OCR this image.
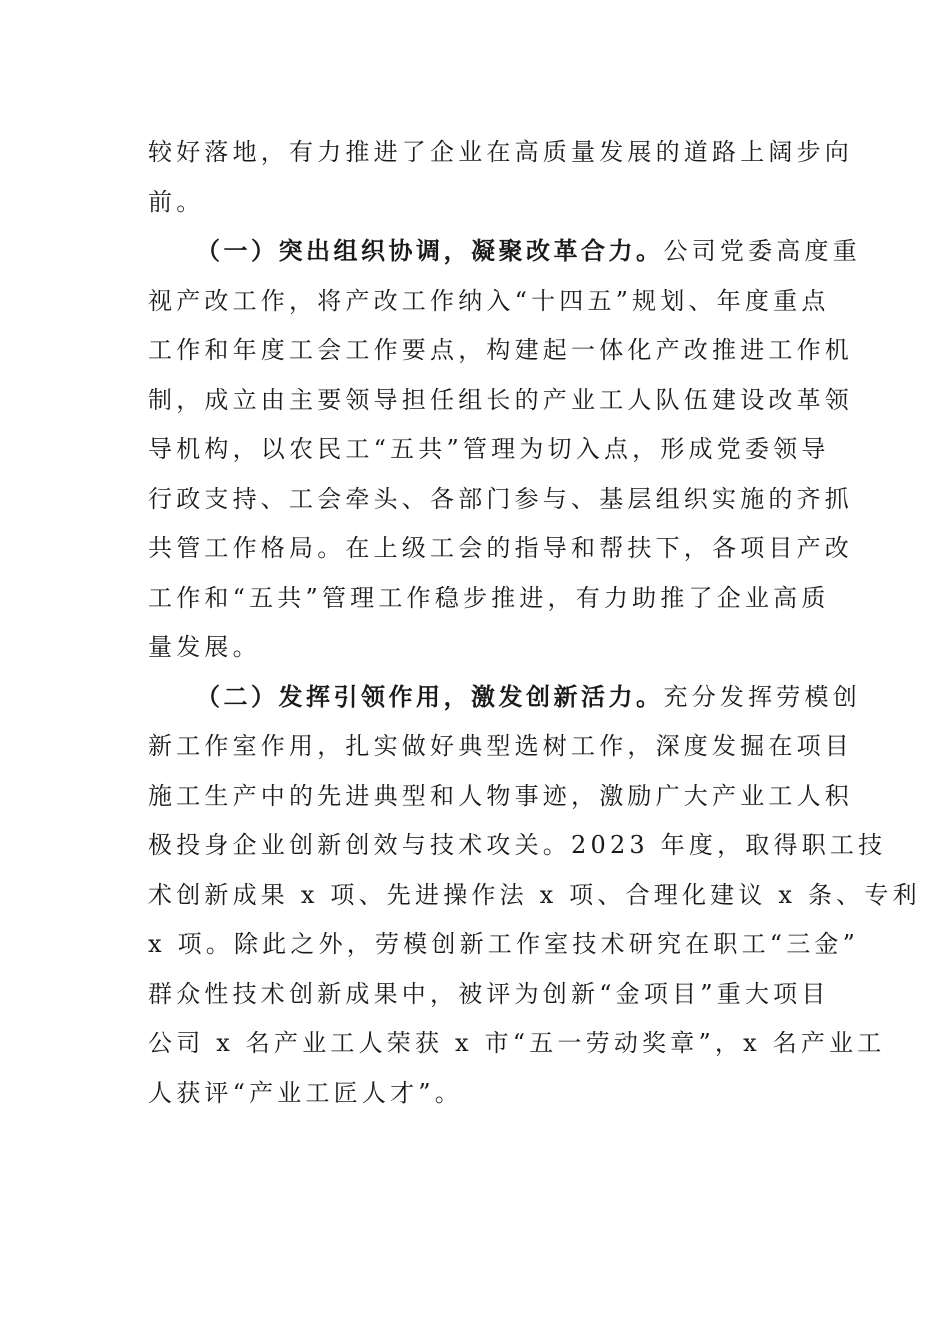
较好落地，有力推进了企业在高质量发展的道路上阔步向
前。
（一）突出组织协调，凝聚改革合力。公司党委高度重
视产改工作，将产改工作纳入“十四五”规划、年度重点
工作和年度工会工作要点，构建起一体化产改推进工作机
制，成立由主要领导担任组长的产业工人队伍建设改革领
导机构，以农民工“五共”管理为切入点，形成党委领导
行政支持、工会牵头、各部门参与、基层组织实施的齐抓
共管工作格局。在上级工会的指导和帮扶下，各项目产改
工作和“五共”管理工作稳步推进，有力助推了企业高质
量发展。
（二）发挥引领作用，激发创新活力。充分发挥劳模创
新工作室作用，扎实做好典型选树工作，深度发掘在项目
施工生产中的先进典型和人物事迹，激励广大产业工人积
极投身企业创新创效与技术攻关。2023 年度，取得职工技
术创新成果 x 项、先进操作法 x 项、合理化建议 x 条、专利
x 项。除此之外，劳模创新工作室技术研究在职工“三金”
群众性技术创新成果中，被评为创新“金项目”重大项目
公司 x 名产业工人荣获 x 市“五一劳动奖章”，x 名产业工
人获评“产业工匠人才”。
